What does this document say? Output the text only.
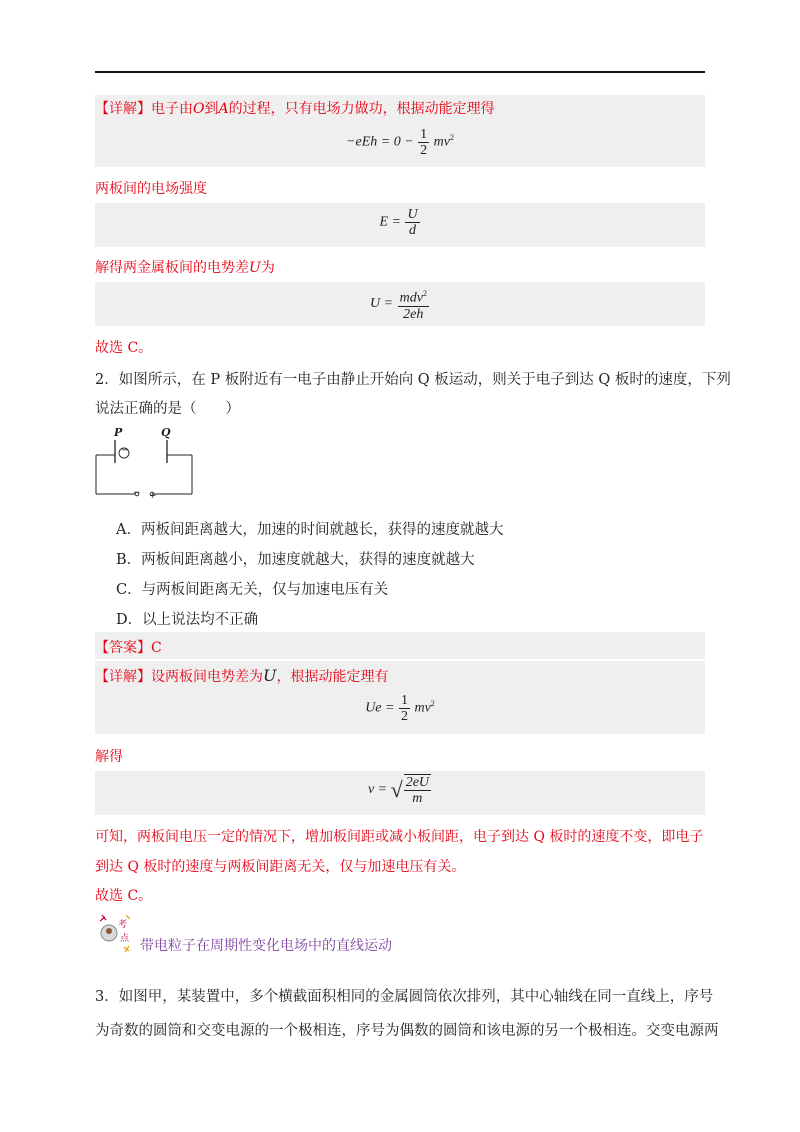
【详解】电子由O到A的过程，只有电场力做功，根据动能定理得
$-eEh = 0 - \frac{1}{2} mv^2$
两板间的电场强度
$E = \frac{U}{d}$
解得两金属板间的电势差U为
$U = \frac{mdv^2}{2eh}$
故选 C。
2．如图所示，在 P 板附近有一电子由静止开始向 Q 板运动，则关于电子到达 Q 板时的速度，下列
说法正确的是（　　）
P	Q
−
− +
A．两板间距离越大，加速的时间就越长，获得的速度就越大
B．两板间距离越小，加速度就越大，获得的速度就越大
C．与两板间距离无关，仅与加速电压有关
D．以上说法均不正确
【答案】C
【详解】设两板间电势差为U，根据动能定理有
$Ue = \frac{1}{2} mv^2$
解得
v = √ $\frac{2eU}{m}$
可知，两板间电压一定的情况下，增加板间距或减小板间距，电子到达 Q 板时的速度不变，即电子
到达 Q 板时的速度与两板间距离无关，仅与加速电压有关。
故选 C。
考
点 带电粒子在周期性变化电场中的直线运动
3．如图甲，某装置中，多个横截面积相同的金属圆筒依次排列，其中心轴线在同一直线上，序号
为奇数的圆筒和交变电源的一个极相连，序号为偶数的圆筒和该电源的另一个极相连。交变电源两
